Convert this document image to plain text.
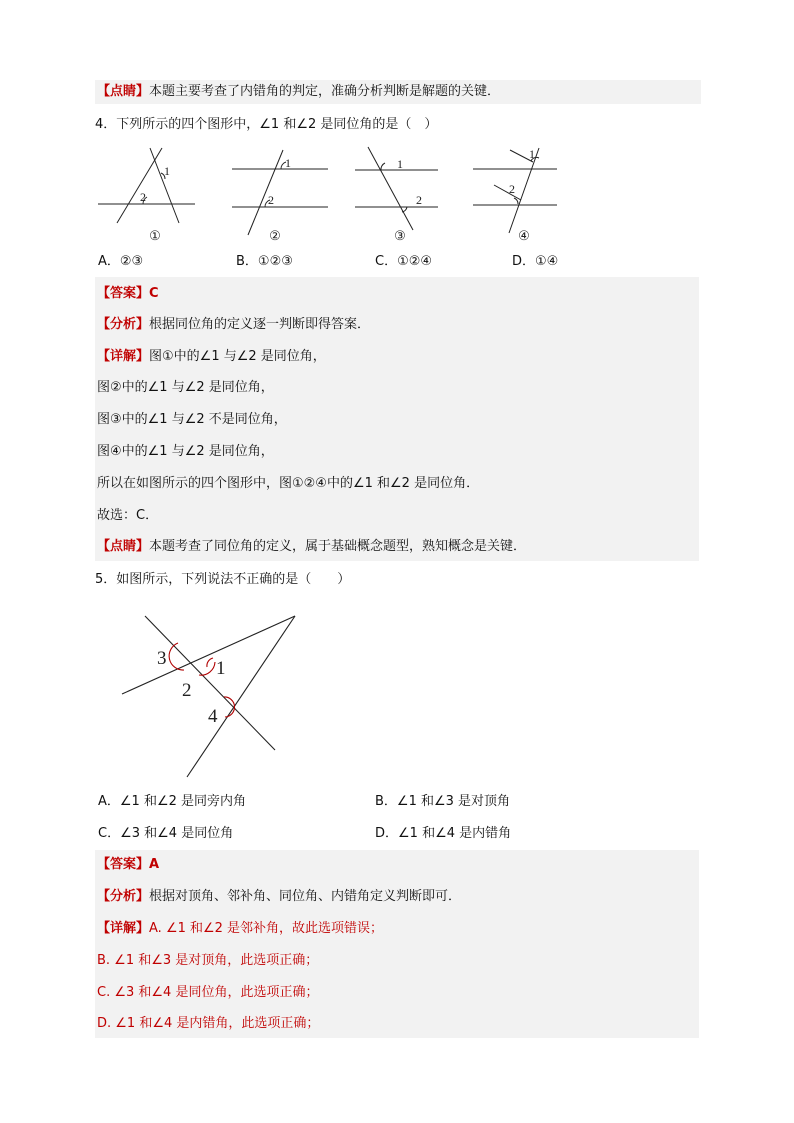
【点睛】本题主要考查了内错角的判定，准确分析判断是解题的关键．
4．下列所示的四个图形中，∠1 和∠2 是同位角的是（　）
1
2
1
2
1
2
1
2
①	②	③	④
A．②③	B．①②③	C．①②④	D．①④
【答案】C
【分析】根据同位角的定义逐一判断即得答案．
【详解】图①中的∠1 与∠2 是同位角，
图②中的∠1 与∠2 是同位角，
图③中的∠1 与∠2 不是同位角，
图④中的∠1 与∠2 是同位角，
所以在如图所示的四个图形中，图①②④中的∠1 和∠2 是同位角．
故选：C．
【点睛】本题考查了同位角的定义，属于基础概念题型，熟知概念是关键．
5．如图所示，下列说法不正确的是（　　）
3	1
2
4
A．∠1 和∠2 是同旁内角	B．∠1 和∠3 是对顶角
C．∠3 和∠4 是同位角	D．∠1 和∠4 是内错角
【答案】A
【分析】根据对顶角、邻补角、同位角、内错角定义判断即可．
【详解】A. ∠1 和∠2 是邻补角，故此选项错误；
B. ∠1 和∠3 是对顶角，此选项正确；
C. ∠3 和∠4 是同位角，此选项正确；
D. ∠1 和∠4 是内错角，此选项正确；
